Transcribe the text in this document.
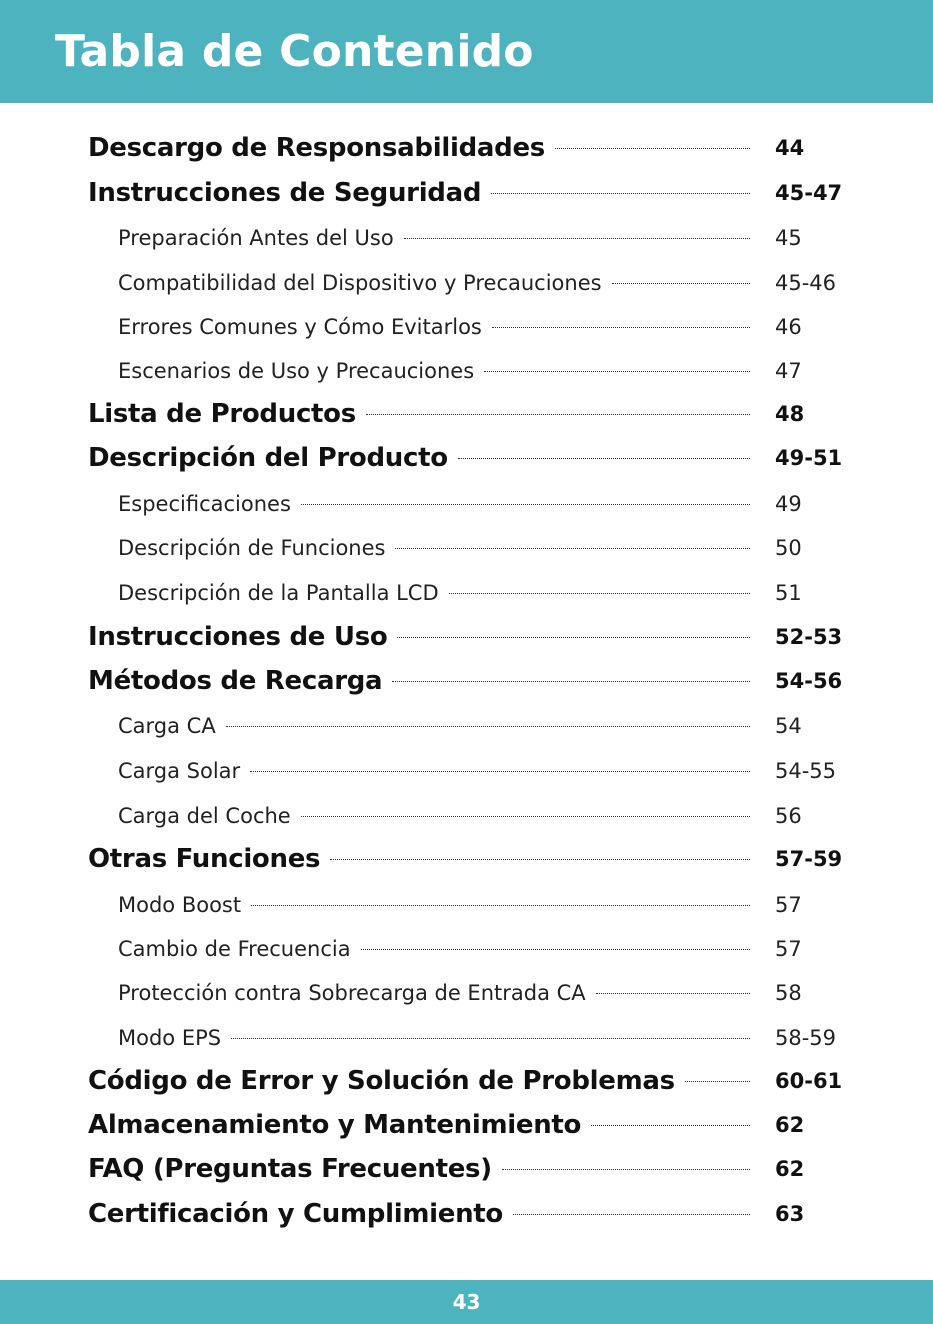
Tabla de Contenido
Descargo de Responsabilidades	44
Instrucciones de Seguridad	45-47
Preparación Antes del Uso	45
Compatibilidad del Dispositivo y Precauciones	45-46
Errores Comunes y Cómo Evitarlos	46
Escenarios de Uso y Precauciones	47
Lista de Productos	48
Descripción del Producto	49-51
Especificaciones	49
Descripción de Funciones	50
Descripción de la Pantalla LCD	51
Instrucciones de Uso	52-53
Métodos de Recarga	54-56
Carga CA	54
Carga Solar	54-55
Carga del Coche	56
Otras Funciones	57-59
Modo Boost	57
Cambio de Frecuencia	57
Protección contra Sobrecarga de Entrada CA	58
Modo EPS	58-59
Código de Error y Solución de Problemas	60-61
Almacenamiento y Mantenimiento	62
FAQ (Preguntas Frecuentes)	62
Certificación y Cumplimiento	63
43
